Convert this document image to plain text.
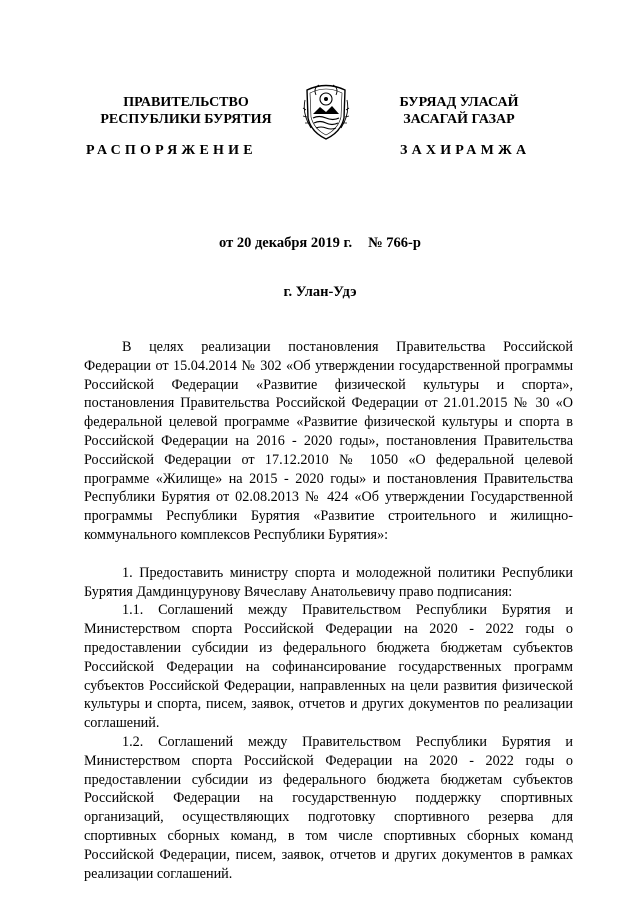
ПРАВИТЕЛЬСТВО
РЕСПУБЛИКИ БУРЯТИЯ
БУРЯАД УЛАСАЙ
ЗАСАГАЙ ГАЗАР
РАСПОРЯЖЕНИЕ	ЗАХИРАМЖА
от 20 декабря 2019 г. № 766-р
г. Улан-Удэ

В целях реализации постановления Правительства Российской Федерации от 15.04.2014 № 302 «Об утверждении государственной программы Российской Федерации «Развитие физической культуры и спорта», постановления Правительства Российской Федерации от 21.01.2015 № 30 «О федеральной целевой программе «Развитие физической культуры и спорта в Российской Федерации на 2016 - 2020 годы», постановления Правительства Российской Федерации от 17.12.2010 № 1050 «О федеральной целевой программе «Жилище» на 2015 - 2020 годы» и постановления Правительства Республики Бурятия от 02.08.2013 № 424 «Об утверждении Государственной программы Республики Бурятия «Развитие строительного и жилищно-коммунального комплексов Республики Бурятия»:

1. Предоставить министру спорта и молодежной политики Республики Бурятия Дамдинцурунову Вячеславу Анатольевичу право подписания:

1.1. Соглашений между Правительством Республики Бурятия и Министерством спорта Российской Федерации на 2020 - 2022 годы о предоставлении субсидии из федерального бюджета бюджетам субъектов Российской Федерации на софинансирование государственных программ субъектов Российской Федерации, направленных на цели развития физической культуры и спорта, писем, заявок, отчетов и других документов по реализации соглашений.

1.2. Соглашений между Правительством Республики Бурятия и Министерством спорта Российской Федерации на 2020 - 2022 годы о предоставлении субсидии из федерального бюджета бюджетам субъектов Российской Федерации на государственную поддержку спортивных организаций, осуществляющих подготовку спортивного резерва для спортивных сборных команд, в том числе спортивных сборных команд Российской Федерации, писем, заявок, отчетов и других документов в рамках реализации соглашений.
